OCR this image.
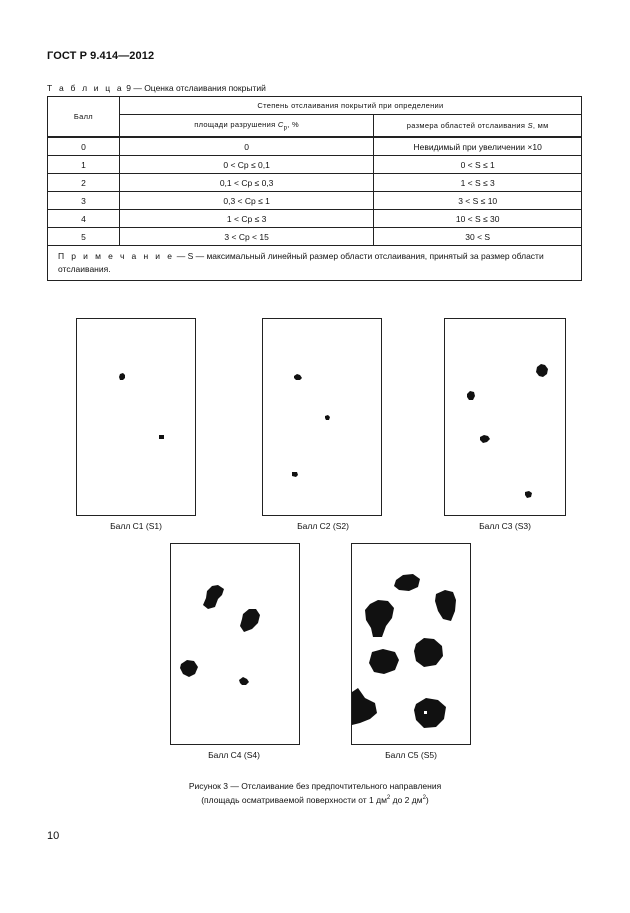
ГОСТ Р 9.414—2012
Т а б л и ц а 9 — Оценка отслаивания покрытий
Балл	Степень отслаивания покрытий при определении	
	площади разрушения $C_p$, %	размера областей отслаивания S, мм
0	0	Невидимый при увеличении ×10
1	0 < Cp ≤ 0,1	0 < S ≤ 1
2	0,1 < Cp ≤ 0,3	1 < S ≤ 3
3	0,3 < Cp ≤ 1	3 < S ≤ 10
4	1 < Cp ≤ 3	10 < S ≤ 30
5	3 < Cp < 15	30 < S
П р и м е ч а н и е — S — максимальный линейный размер области отслаивания, принятый за размер области отслаивания.		
Балл С1 (S1)	Балл С2 (S2)	Балл С3 (S3)
Балл С4 (S4)	Балл С5 (S5)
Рисунок 3 — Отслаивание без предпочтительного направления
(площадь осматриваемой поверхности от 1 $дм^2$ до 2 $дм^2$)
10
